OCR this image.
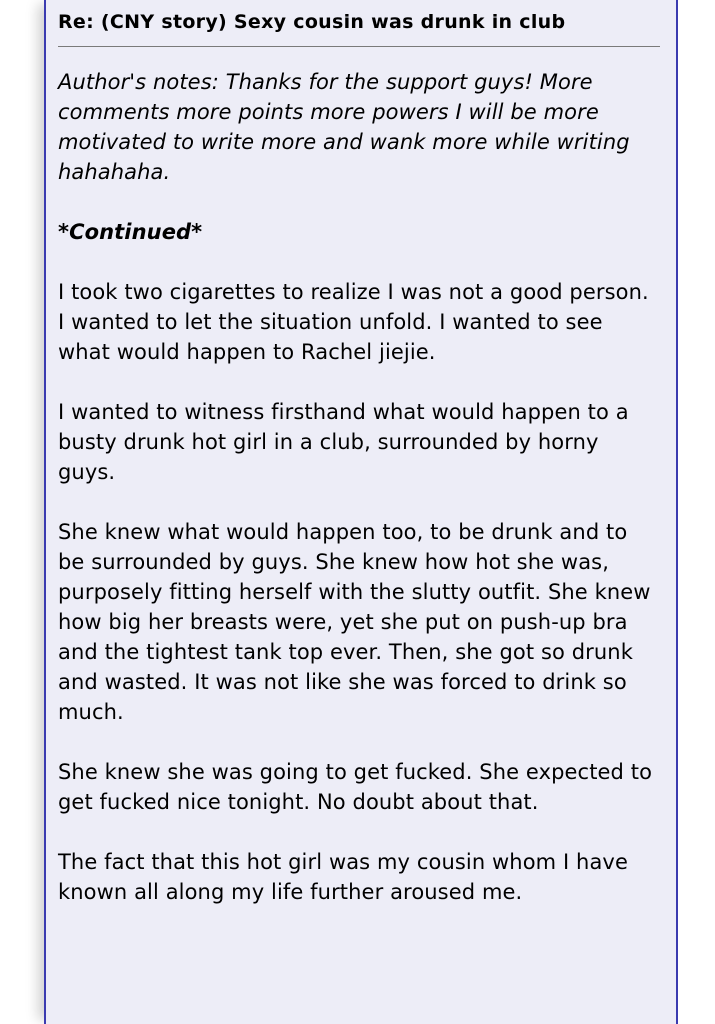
Re: (CNY story) Sexy cousin was drunk in club

Author's notes: Thanks for the support guys! More comments more points more powers I will be more motivated to write more and wank more while writing hahahaha.

*Continued*

I took two cigarettes to realize I was not a good person. I wanted to let the situation unfold. I wanted to see what would happen to Rachel jiejie.

I wanted to witness firsthand what would happen to a busty drunk hot girl in a club, surrounded by horny guys.

She knew what would happen too, to be drunk and to be surrounded by guys. She knew how hot she was, purposely fitting herself with the slutty outfit. She knew how big her breasts were, yet she put on push-up bra and the tightest tank top ever. Then, she got so drunk and wasted. It was not like she was forced to drink so much.

She knew she was going to get fucked. She expected to get fucked nice tonight. No doubt about that.

The fact that this hot girl was my cousin whom I have known all along my life further aroused me.
